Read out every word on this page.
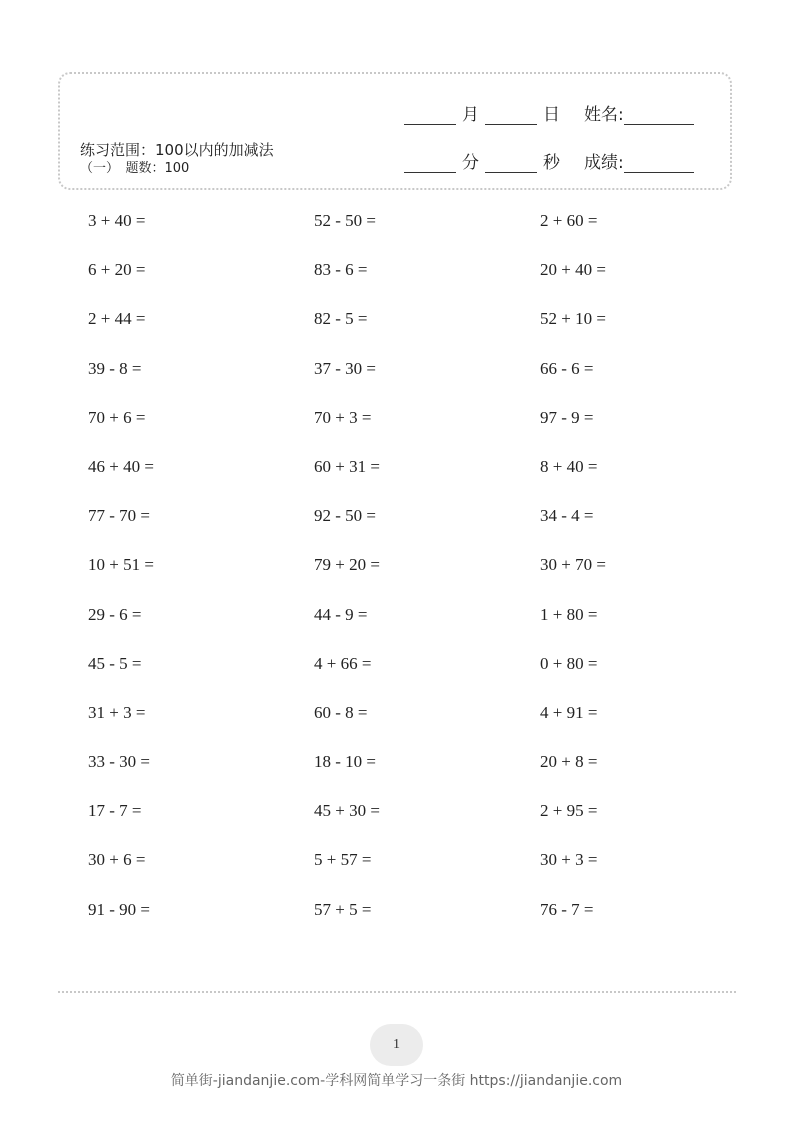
练习范围：100以内的加减法
（一）　题数：100
月	日 姓名:
分	秒 成绩:
3 + 40 =	52 - 50 =	2 + 60 =
6 + 20 =	83 - 6 =	20 + 40 =
2 + 44 =	82 - 5 =	52 + 10 =
39 - 8 =	37 - 30 =	66 - 6 =
70 + 6 =	70 + 3 =	97 - 9 =
46 + 40 =	60 + 31 =	8 + 40 =
77 - 70 =	92 - 50 =	34 - 4 =
10 + 51 =	79 + 20 =	30 + 70 =
29 - 6 =	44 - 9 =	1 + 80 =
45 - 5 =	4 + 66 =	0 + 80 =
31 + 3 =	60 - 8 =	4 + 91 =
33 - 30 =	18 - 10 =	20 + 8 =
17 - 7 =	45 + 30 =	2 + 95 =
30 + 6 =	5 + 57 =	30 + 3 =
91 - 90 =	57 + 5 =	76 - 7 =
1
简单街-jiandanjie.com-学科网简单学习一条街 https://jiandanjie.com
